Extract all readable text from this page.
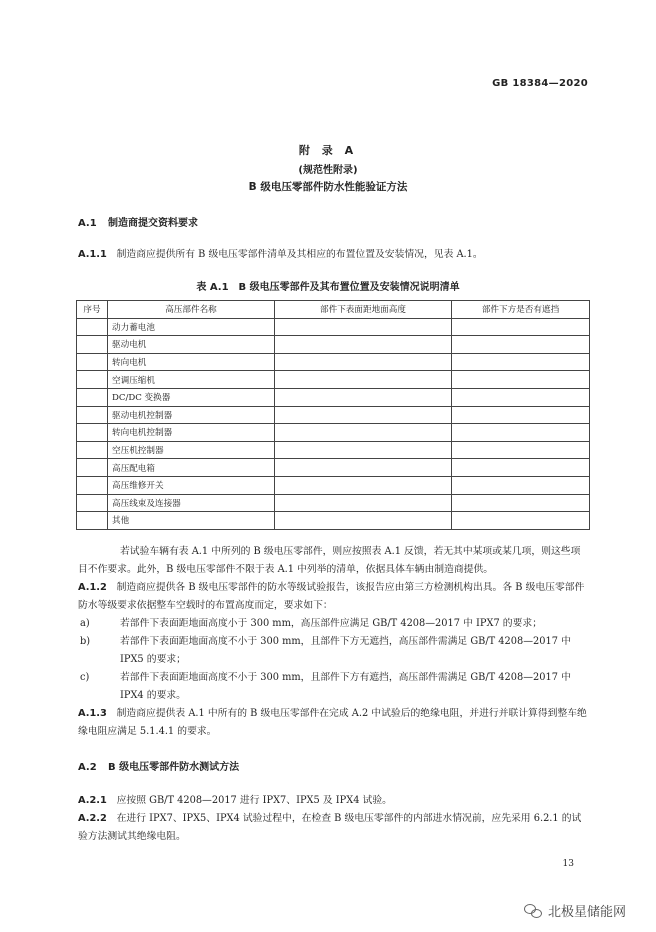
GB 18384—2020
附 录 A
(规范性附录)
B 级电压零部件防水性能验证方法
A.1 制造商提交资料要求
A.1.1　 制造商应提供所有 B 级电压零部件清单及其相应的布置位置及安装情况，见表 A.1。
表 A.1　B 级电压零部件及其布置位置及安装情况说明清单
序号	高压部件名称	部件下表面距地面高度	部件下方是否有遮挡
	动力蓄电池		
	驱动电机		
	转向电机		
	空调压缩机		
	DC/DC 变换器		
	驱动电机控制器		
	转向电机控制器		
	空压机控制器		
	高压配电箱		
	高压维修开关		
	高压线束及连接器		
	其他		
若试验车辆有表 A.1 中所列的 B 级电压零部件，则应按照表 A.1 反馈，若无其中某项或某几项，则这些项目不作要求。此外，B 级电压零部件不限于表 A.1 中列举的清单，依据具体车辆由制造商提供。
A.1.2　 制造商应提供各 B 级电压零部件的防水等级试验报告，该报告应由第三方检测机构出具。各 B 级电压零部件防水等级要求依据整车空载时的布置高度而定，要求如下：
a)	若部件下表面距地面高度小于 300 mm，高压部件应满足 GB/T 4208—2017 中 IPX7 的要求；
b)	若部件下表面距地面高度不小于 300 mm，且部件下方无遮挡，高压部件需满足 GB/T 4208—2017 中 IPX5 的要求；
c)	若部件下表面距地面高度不小于 300 mm，且部件下方有遮挡，高压部件需满足 GB/T 4208—2017 中 IPX4 的要求。
A.1.3　 制造商应提供表 A.1 中所有的 B 级电压零部件在完成 A.2 中试验后的绝缘电阻，并进行并联计算得到整车绝缘电阻应满足 5.1.4.1 的要求。
A.2 B 级电压零部件防水测试方法
A.2.1　 应按照 GB/T 4208—2017 进行 IPX7、IPX5 及 IPX4 试验。
A.2.2　 在进行 IPX7、IPX5、IPX4 试验过程中，在检查 B 级电压零部件的内部进水情况前，应先采用 6.2.1 的试验方法测试其绝缘电阻。
13
北极星储能网
